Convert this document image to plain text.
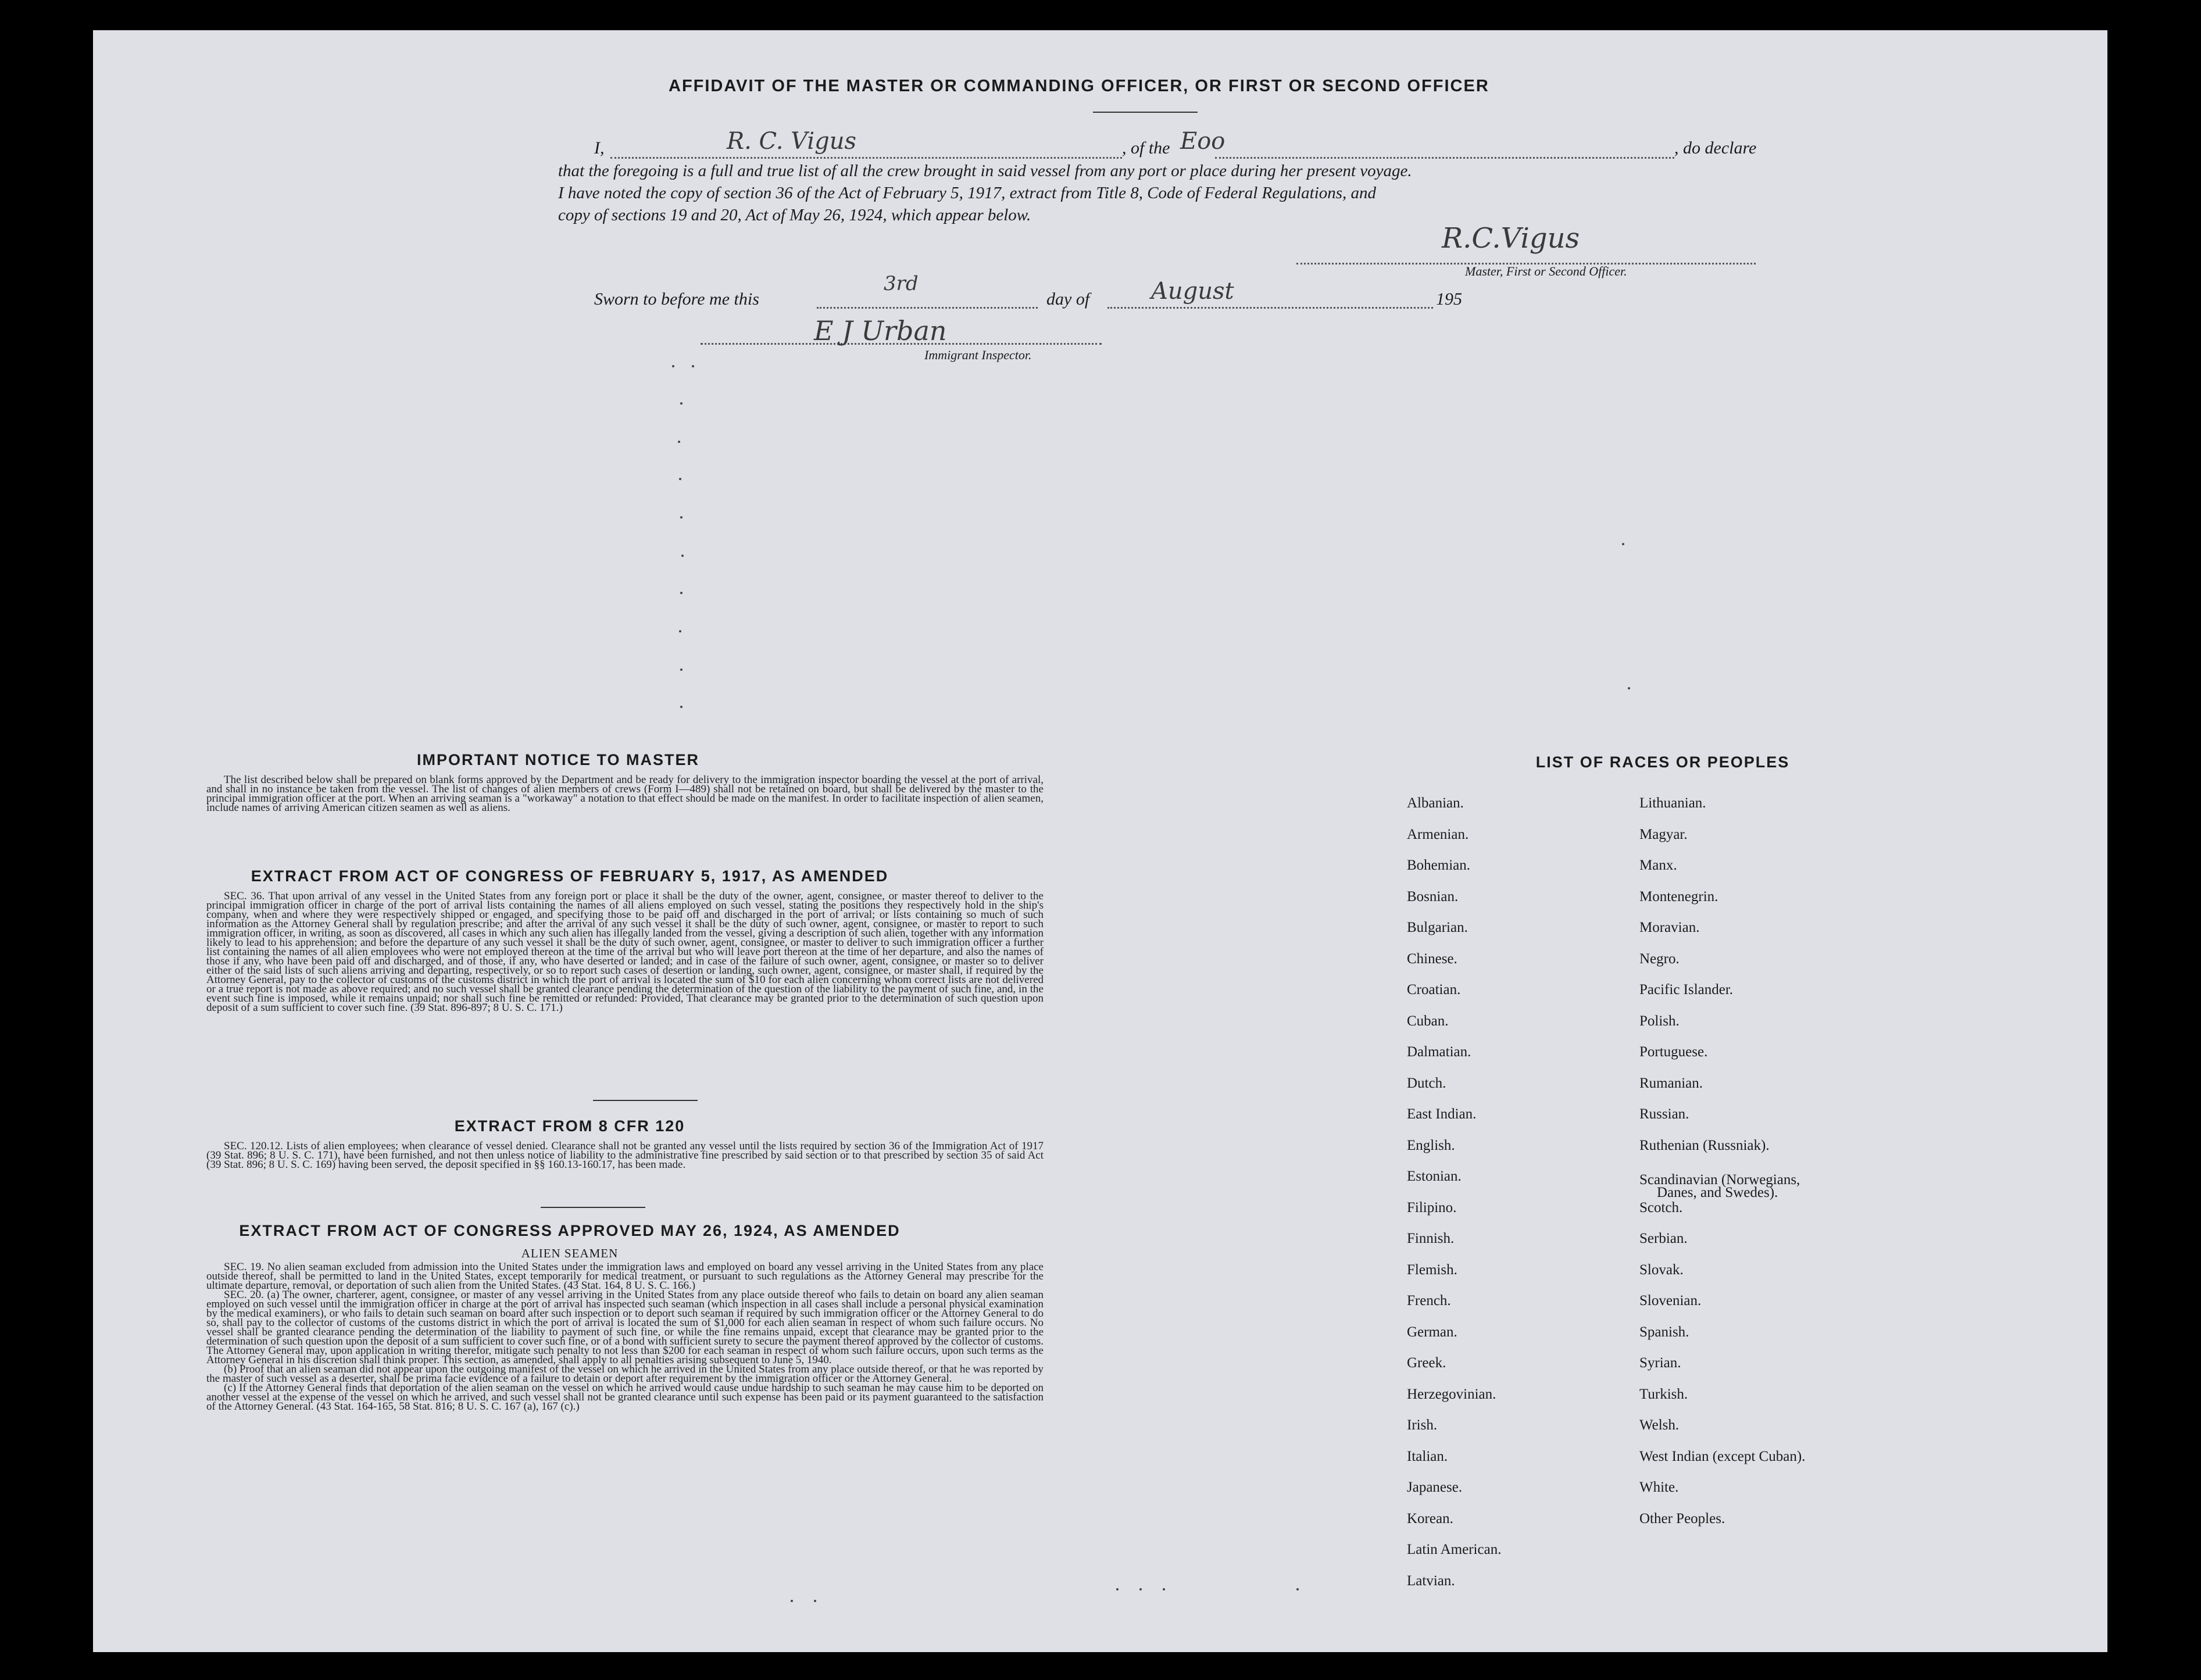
AFFIDAVIT OF THE MASTER OR COMMANDING OFFICER, OR FIRST OR SECOND OFFICER
I,	R. C. Vigus	, of the Eoo	, do declare
that the foregoing is a full and true list of all the crew brought in said vessel from any port or place during her present voyage.
I have noted the copy of section 36 of the Act of February 5, 1917, extract from Title 8, Code of Federal Regulations, and
copy of sections 19 and 20, Act of May 26, 1924, which appear below.
R.C.Vigus
Master, First or Second Officer.
Sworn to before me this
3rd
day of	August	195
E J Urban
Immigrant Inspector.
IMPORTANT NOTICE TO MASTER

The list described below shall be prepared on blank forms approved by the Department and be ready for delivery to the immigration inspector boarding the vessel at the port of arrival, and shall in no instance be taken from the vessel. The list of changes of alien members of crews (Form I—489) shall not be retained on board, but shall be delivered by the master to the principal immigration officer at the port. When an arriving seaman is a "workaway" a notation to that effect should be made on the manifest. In order to facilitate inspection of alien seamen, include names of arriving American citizen seamen as well as aliens.

EXTRACT FROM ACT OF CONGRESS OF FEBRUARY 5, 1917, AS AMENDED

SEC. 36. That upon arrival of any vessel in the United States from any foreign port or place it shall be the duty of the owner, agent, consignee, or master thereof to deliver to the principal immigration officer in charge of the port of arrival lists containing the names of all aliens employed on such vessel, stating the positions they respectively hold in the ship's company, when and where they were respectively shipped or engaged, and specifying those to be paid off and discharged in the port of arrival; or lists containing so much of such information as the Attorney General shall by regulation prescribe; and after the arrival of any such vessel it shall be the duty of such owner, agent, consignee, or master to report to such immigration officer, in writing, as soon as discovered, all cases in which any such alien has illegally landed from the vessel, giving a description of such alien, together with any information likely to lead to his apprehension; and before the departure of any such vessel it shall be the duty of such owner, agent, consignee, or master to deliver to such immigration officer a further list containing the names of all alien employees who were not employed thereon at the time of the arrival but who will leave port thereon at the time of her departure, and also the names of those if any, who have been paid off and discharged, and of those, if any, who have deserted or landed; and in case of the failure of such owner, agent, consignee, or master so to deliver either of the said lists of such aliens arriving and departing, respectively, or so to report such cases of desertion or landing, such owner, agent, consignee, or master shall, if required by the Attorney General, pay to the collector of customs of the customs district in which the port of arrival is located the sum of $10 for each alien concerning whom correct lists are not delivered or a true report is not made as above required; and no such vessel shall be granted clearance pending the determination of the question of the liability to the payment of such fine, and, in the event such fine is imposed, while it remains unpaid; nor shall such fine be remitted or refunded: Provided, That clearance may be granted prior to the determination of such question upon deposit of a sum sufficient to cover such fine. (39 Stat. 896-897; 8 U. S. C. 171.)

EXTRACT FROM 8 CFR 120

SEC. 120.12. Lists of alien employees; when clearance of vessel denied. Clearance shall not be granted any vessel until the lists required by section 36 of the Immigration Act of 1917 (39 Stat. 896; 8 U. S. C. 171), have been furnished, and not then unless notice of liability to the administrative fine prescribed by said section or to that prescribed by section 35 of said Act (39 Stat. 896; 8 U. S. C. 169) having been served, the deposit specified in §§ 160.13-160.17, has been made.

EXTRACT FROM ACT OF CONGRESS APPROVED MAY 26, 1924, AS AMENDED
ALIEN SEAMEN

SEC. 19. No alien seaman excluded from admission into the United States under the immigration laws and employed on board any vessel arriving in the United States from any place outside thereof, shall be permitted to land in the United States, except temporarily for medical treatment, or pursuant to such regulations as the Attorney General may prescribe for the ultimate departure, removal, or deportation of such alien from the United States. (43 Stat. 164, 8 U. S. C. 166.)

SEC. 20. (a) The owner, charterer, agent, consignee, or master of any vessel arriving in the United States from any place outside thereof who fails to detain on board any alien seaman employed on such vessel until the immigration officer in charge at the port of arrival has inspected such seaman (which inspection in all cases shall include a personal physical examination by the medical examiners), or who fails to detain such seaman on board after such inspection or to deport such seaman if required by such immigration officer or the Attorney General to do so, shall pay to the collector of customs of the customs district in which the port of arrival is located the sum of $1,000 for each alien seaman in respect of whom such failure occurs. No vessel shall be granted clearance pending the determination of the liability to payment of such fine, or while the fine remains unpaid, except that clearance may be granted prior to the determination of such question upon the deposit of a sum sufficient to cover such fine, or of a bond with sufficient surety to secure the payment thereof approved by the collector of customs. The Attorney General may, upon application in writing therefor, mitigate such penalty to not less than $200 for each seaman in respect of whom such failure occurs, upon such terms as the Attorney General in his discretion shall think proper. This section, as amended, shall apply to all penalties arising subsequent to June 5, 1940.

(b) Proof that an alien seaman did not appear upon the outgoing manifest of the vessel on which he arrived in the United States from any place outside thereof, or that he was reported by the master of such vessel as a deserter, shall be prima facie evidence of a failure to detain or deport after requirement by the immigration officer or the Attorney General.

(c) If the Attorney General finds that deportation of the alien seaman on the vessel on which he arrived would cause undue hardship to such seaman he may cause him to be deported on another vessel at the expense of the vessel on which he arrived, and such vessel shall not be granted clearance until such expense has been paid or its payment guaranteed to the satisfaction of the Attorney General. (43 Stat. 164-165, 58 Stat. 816; 8 U. S. C. 167 (a), 167 (c).)

LIST OF RACES OR PEOPLES
Albanian.
Armenian.
Bohemian.
Bosnian.
Bulgarian.
Chinese.
Croatian.
Cuban.
Dalmatian.
Dutch.
East Indian.
English.
Estonian.
Filipino.
Finnish.
Flemish.
French.
German.
Greek.
Herzegovinian.
Irish.
Italian.
Japanese.
Korean.
Latin American.
Latvian.
Lithuanian.
Magyar.
Manx.
Montenegrin.
Moravian.
Negro.
Pacific Islander.
Polish.
Portuguese.
Rumanian.
Russian.
Ruthenian (Russniak).
Scandinavian (Norwegians,
Danes, and Swedes).
Scotch.
Serbian.
Slovak.
Slovenian.
Spanish.
Syrian.
Turkish.
Welsh.
West Indian (except Cuban).
White.
Other Peoples.
